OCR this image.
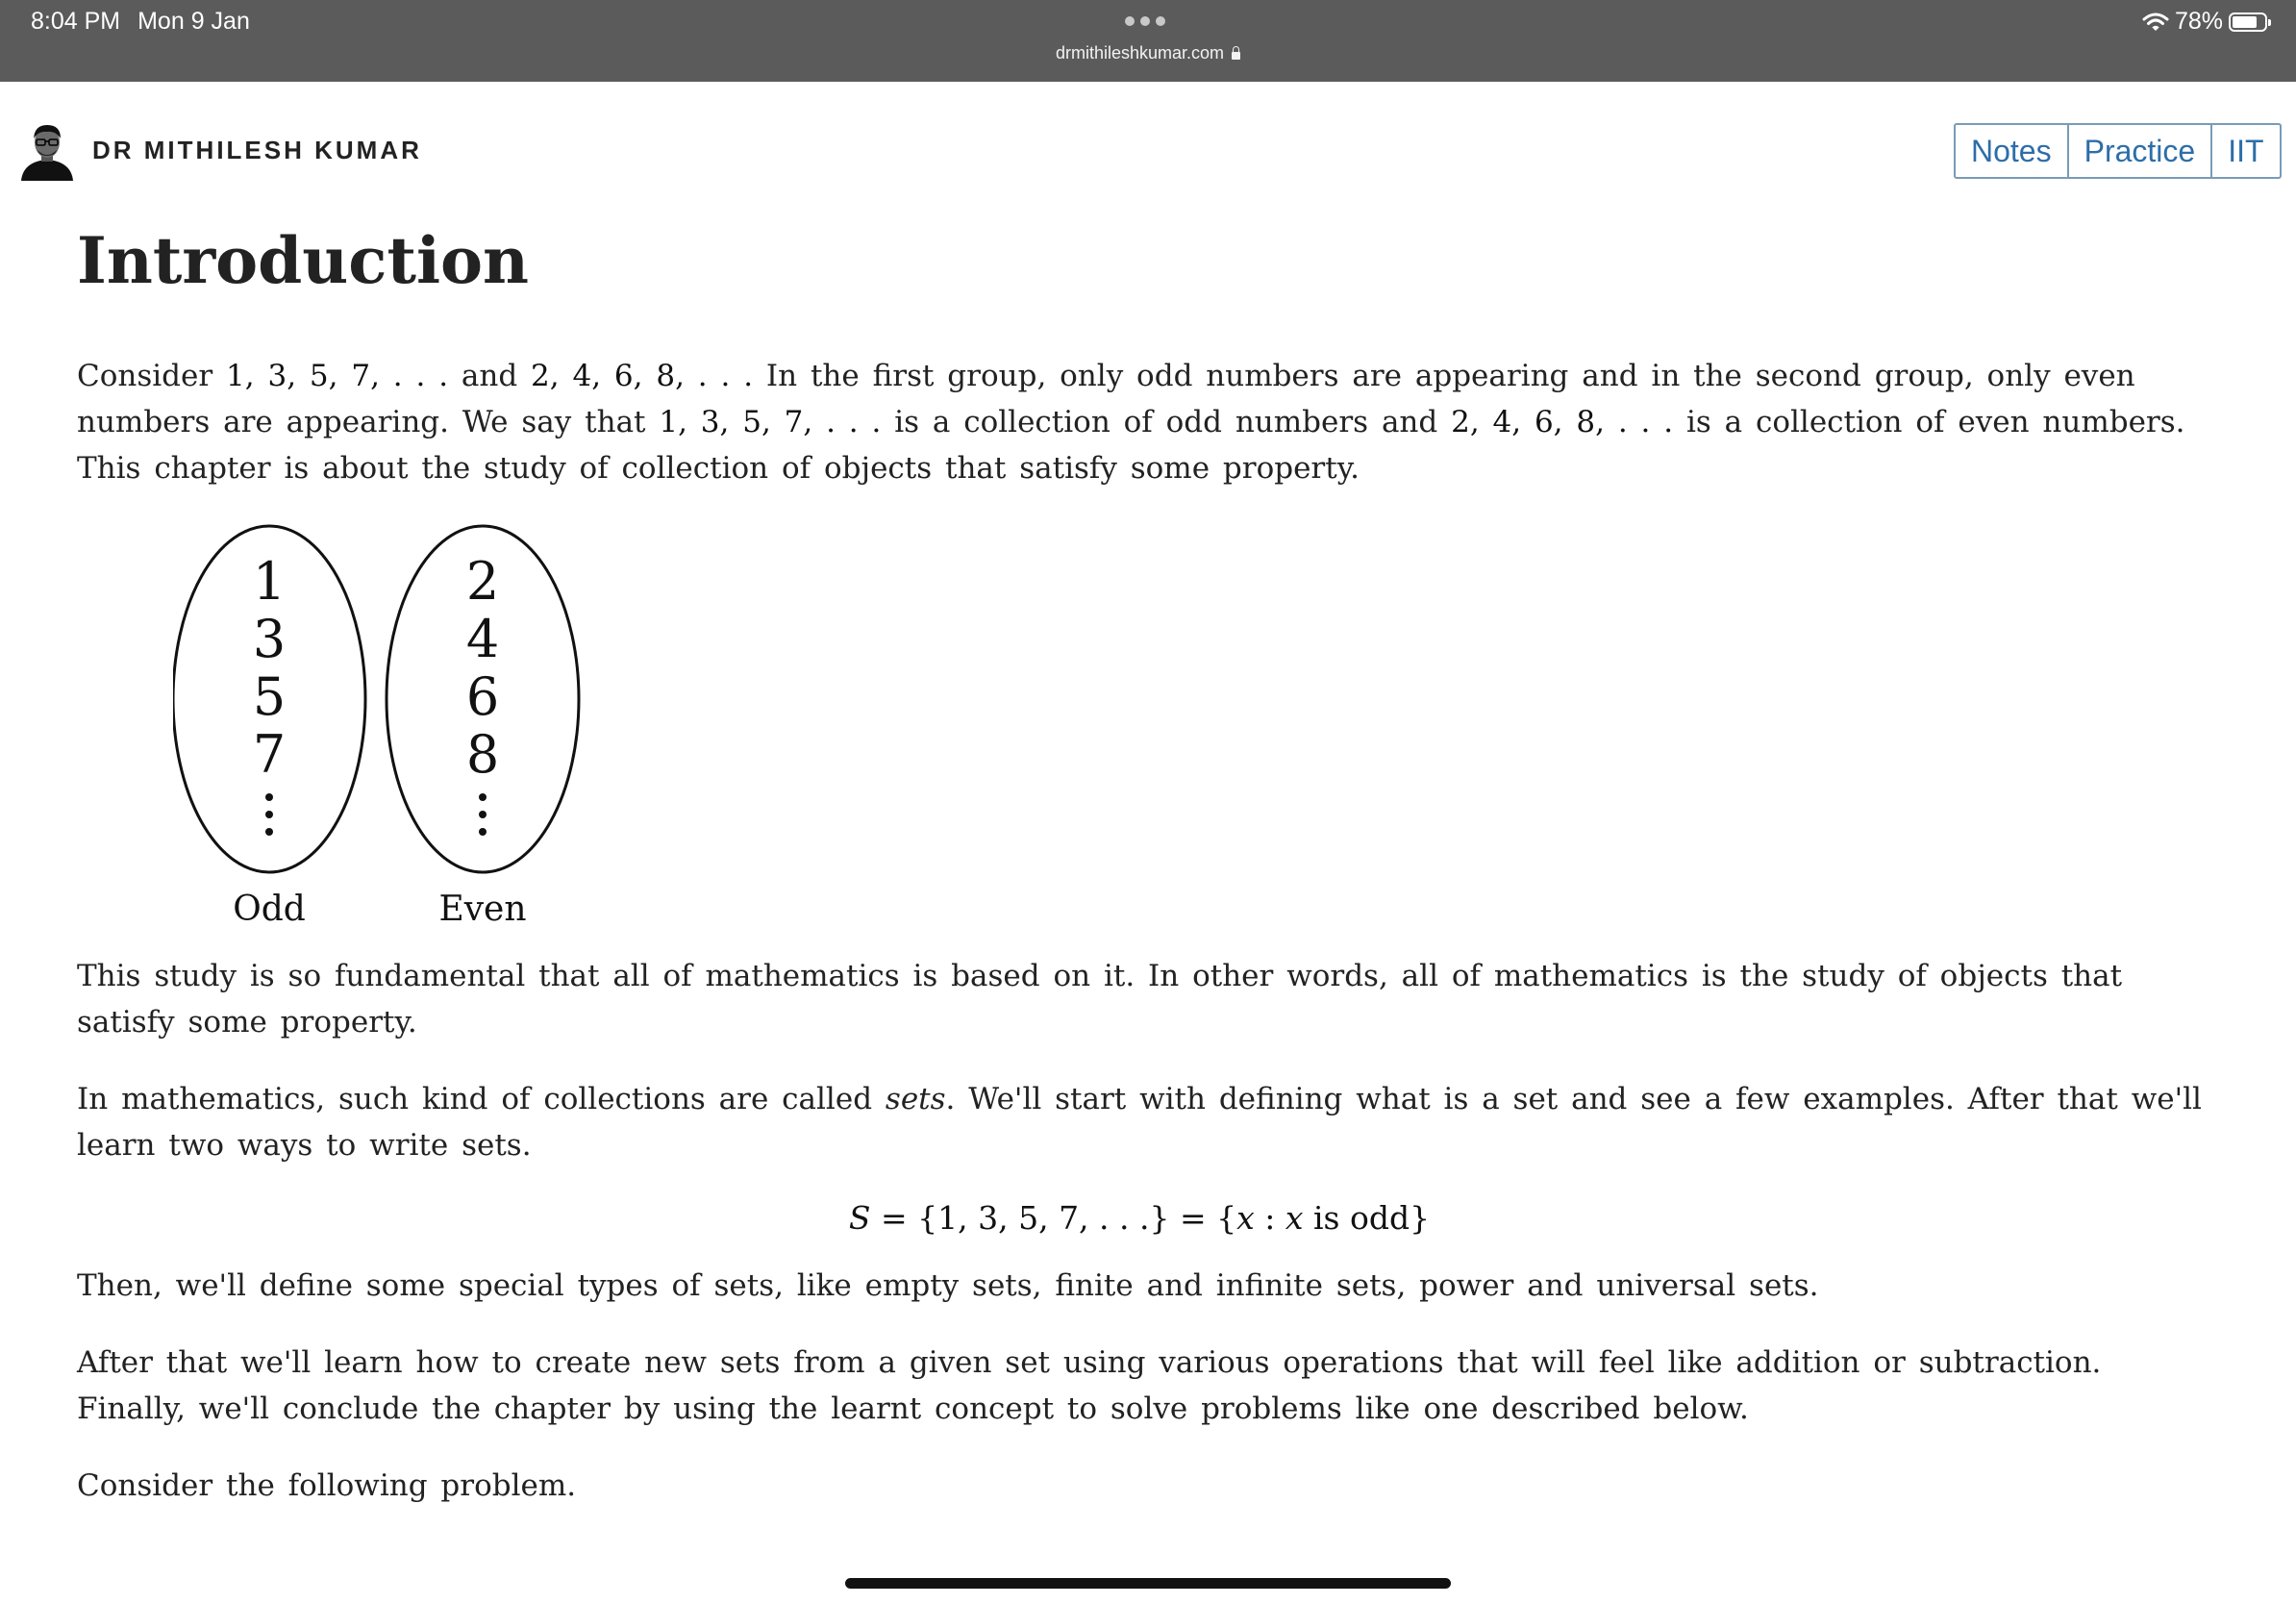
8:04 PM Mon 9 Jan
drmithileshkumar.com
78%
DR MITHILESH KUMAR	Notes	Practice	IIT
Introduction

Consider 1, 3, 5, 7, . . . and 2, 4, 6, 8, . . . In the first group, only odd numbers are appearing and in the second group, only even numbers are appearing. We say that 1, 3, 5, 7, . . . is a collection of odd numbers and 2, 4, 6, 8, . . . is a collection of even numbers. This chapter is about the study of collection of objects that satisfy some property.

1
3
5
7
2
4
6
8
Odd	Even

This study is so fundamental that all of mathematics is based on it. In other words, all of mathematics is the study of objects that satisfy some property.

In mathematics, such kind of collections are called sets. We'll start with defining what is a set and see a few examples. After that we'll learn two ways to write sets.

S = {1, 3, 5, 7, . . .} = {x : x is odd}

Then, we'll define some special types of sets, like empty sets, finite and infinite sets, power and universal sets.

After that we'll learn how to create new sets from a given set using various operations that will feel like addition or subtraction. Finally, we'll conclude the chapter by using the learnt concept to solve problems like one described below.

Consider the following problem.
